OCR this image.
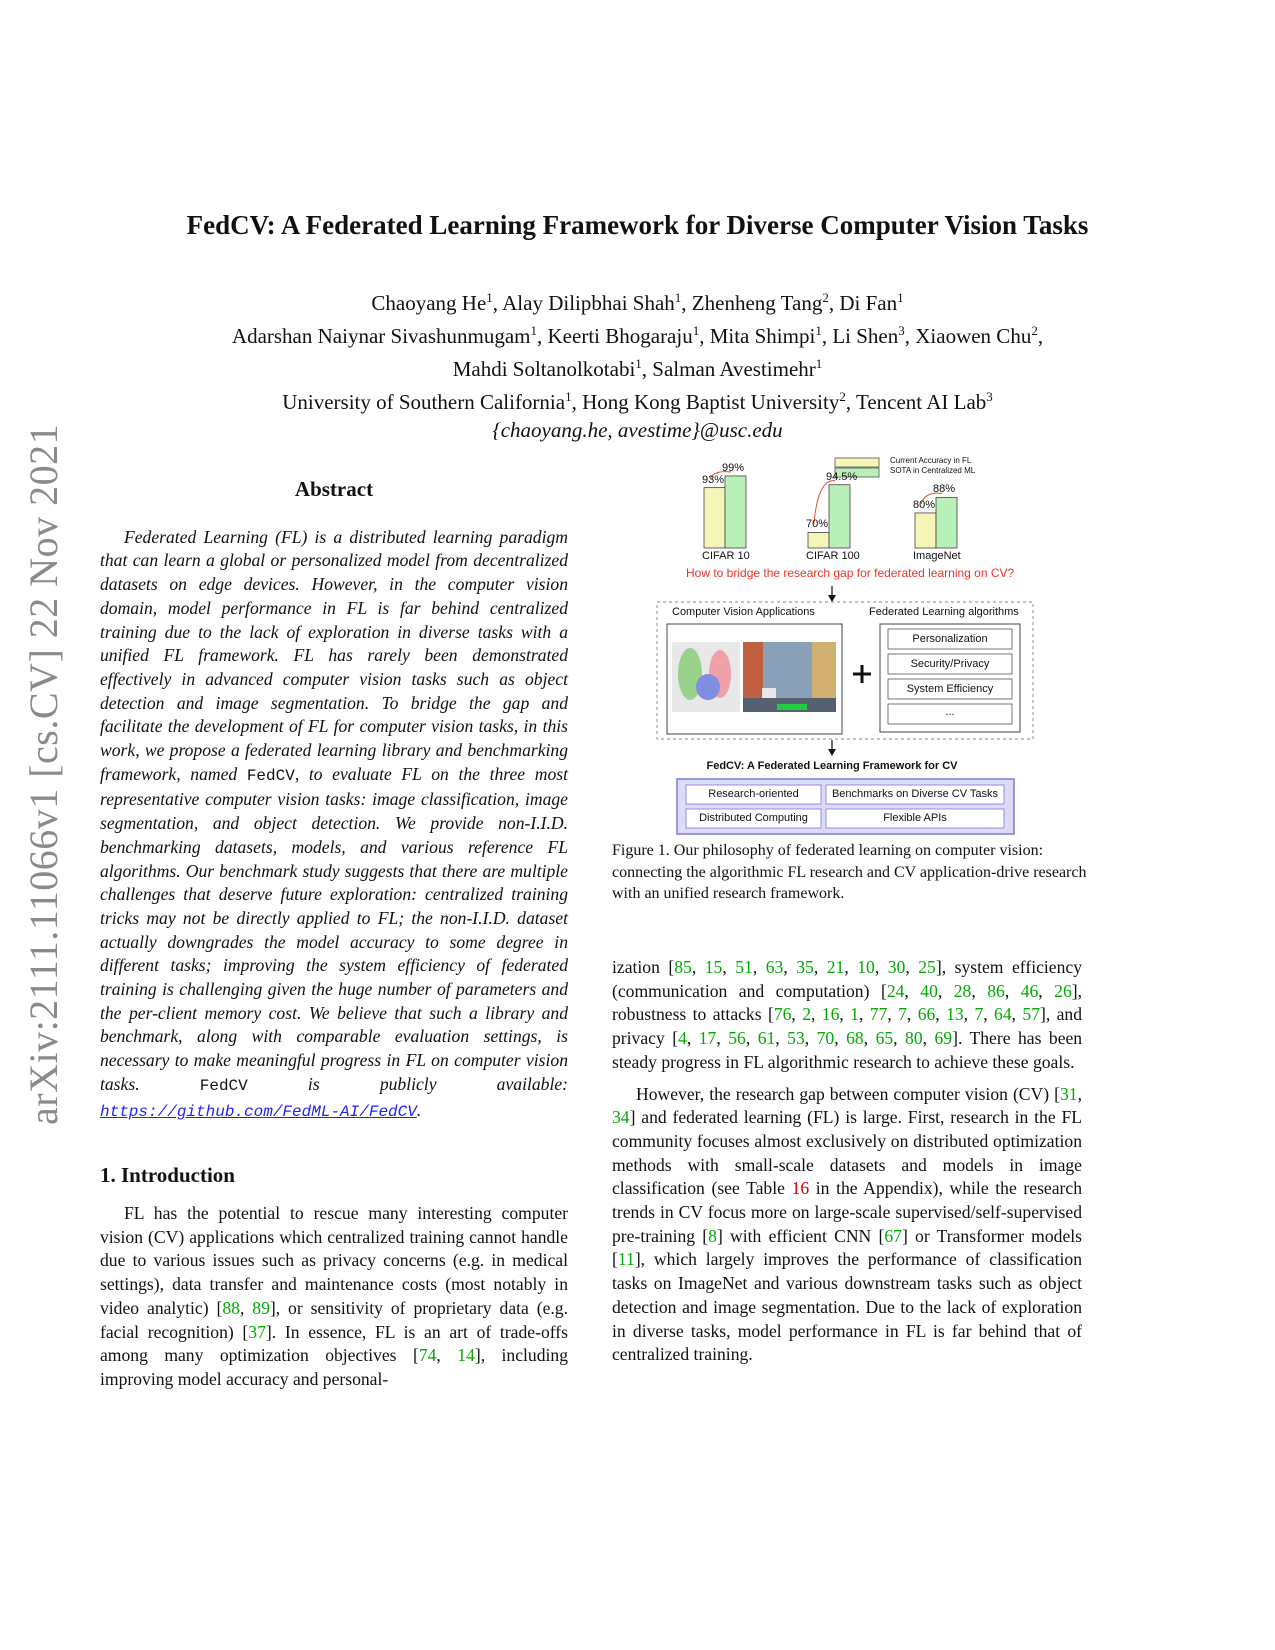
arXiv:2111.11066v1 [cs.CV] 22 Nov 2021
FedCV: A Federated Learning Framework for Diverse Computer Vision Tasks
Chaoyang He$^1$, Alay Dilipbhai Shah$^1$, Zhenheng Tang$^2$, Di Fan$^1$
Adarshan Naiynar Sivashunmugam$^1$, Keerti Bhogaraju$^1$, Mita Shimpi$^1$, Li Shen$^3$, Xiaowen Chu$^2$,
Mahdi Soltanolkotabi$^1$, Salman Avestimehr$^1$
University of Southern California$^1$, Hong Kong Baptist University$^2$, Tencent AI Lab$^3$
{chaoyang.he, avestime}@usc.edu
Abstract

Federated Learning (FL) is a distributed learning paradigm that can learn a global or personalized model from decentralized datasets on edge devices. However, in the computer vision domain, model performance in FL is far behind centralized training due to the lack of exploration in diverse tasks with a unified FL framework. FL has rarely been demonstrated effectively in advanced computer vision tasks such as object detection and image segmentation. To bridge the gap and facilitate the development of FL for computer vision tasks, in this work, we propose a federated learning library and benchmarking framework, named FedCV, to evaluate FL on the three most representative computer vision tasks: image classification, image segmentation, and object detection. We provide non-I.I.D. benchmarking datasets, models, and various reference FL algorithms. Our benchmark study suggests that there are multiple challenges that deserve future exploration: centralized training tricks may not be directly applied to FL; the non-I.I.D. dataset actually downgrades the model accuracy to some degree in different tasks; improving the system efficiency of federated training is challenging given the huge number of parameters and the per-client memory cost. We believe that such a library and benchmark, along with comparable evaluation settings, is necessary to make meaningful progress in FL on computer vision tasks. FedCV is publicly available: https://github.com/FedML-AI/FedCV.

1. Introduction

FL has the potential to rescue many interesting computer vision (CV) applications which centralized training cannot handle due to various issues such as privacy concerns (e.g. in medical settings), data transfer and maintenance costs (most notably in video analytic) [88, 89], or sensitivity of proprietary data (e.g. facial recognition) [37]. In essence, FL is an art of trade-offs among many optimization objectives [74, 14], including improving model accuracy and personal-

Current Accuracy in FL
SOTA in Centralized ML
93%
99%
CIFAR 10
70%
94.5%
CIFAR 100
80%
88%
ImageNet
How to bridge the research gap for federated learning on CV?
Computer Vision Applications	Federated Learning algorithms
Personalization
Security/Privacy
System Efficiency
...
FedCV: A Federated Learning Framework for CV
Research-oriented	Benchmarks on Diverse CV Tasks
Distributed Computing	Flexible APIs
Figure 1. Our philosophy of federated learning on computer vision: connecting the algorithmic FL research and CV application-drive research with an unified research framework.

ization [85, 15, 51, 63, 35, 21, 10, 30, 25], system efficiency (communication and computation) [24, 40, 28, 86, 46, 26], robustness to attacks [76, 2, 16, 1, 77, 7, 66, 13, 7, 64, 57], and privacy [4, 17, 56, 61, 53, 70, 68, 65, 80, 69]. There has been steady progress in FL algorithmic research to achieve these goals.

However, the research gap between computer vision (CV) [31, 34] and federated learning (FL) is large. First, research in the FL community focuses almost exclusively on distributed optimization methods with small-scale datasets and models in image classification (see Table 16 in the Appendix), while the research trends in CV focus more on large-scale supervised/self-supervised pre-training [8] with efficient CNN [67] or Transformer models [11], which largely improves the performance of classification tasks on ImageNet and various downstream tasks such as object detection and image segmentation. Due to the lack of exploration in diverse tasks, model performance in FL is far behind that of centralized training.
